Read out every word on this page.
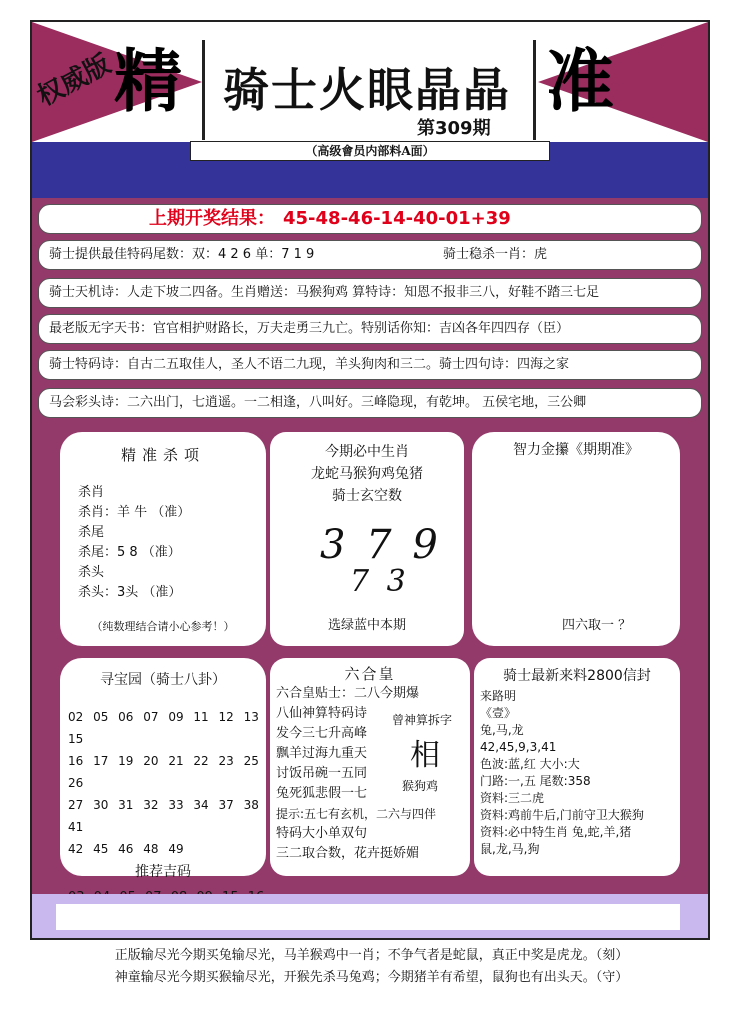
权威版
精	准
骑士火眼晶晶
第309期
（高级會员内部料A面）
上期开奖结果： 45-48-46-14-40-01+39
骑士提供最佳特码尾数：双：4 2 6 单：7 1 9	骑士稳杀一肖：虎
骑士天机诗：人走下坡二四备。生肖赠送：马猴狗鸡 算特诗：知恩不报非三八，好鞋不踏三七足
最老版无字天书：官官相护财路长，万夫走勇三九亡。特别话你知：吉凶各年四四存（臣）
骑士特码诗：自古二五取佳人，圣人不语二九现，羊头狗肉和三二。骑士四句诗：四海之家
马会彩头诗：二六出门，七逍遥。一二相逢，八叫好。三峰隐现，有乾坤。 五侯宅地，三公卿
精准杀项
杀肖
杀肖：羊 牛 （准）
杀尾
杀尾：5 8 （准）
杀头
杀头：3头 （准）
（纯数理结合请小心参考！）
今期必中生肖
龙蛇马猴狗鸡兔猪
骑士玄空数
3 7 9
7 3
选绿蓝中本期
智力金攥《期期准》
四六取一 ？
寻宝园（骑士八卦）
02 05 06 07 09 11 12 13 15
16 17 19 20 21 22 23 25 26
27 30 31 32 33 34 37 38 41
42 45 46 48 49
推荐吉码
六合皇
六合皇贴士：二八今期爆
八仙神算特码诗
发今三七升高峰
飘羊过海九重天
讨饭吊碗一五同
兔死狐悲假一七
提示:五七有玄机，二六与四伴
特码大小单双句
三二取合数，花卉挺娇媚
曾神算拆字
相
猴狗鸡
骑士最新来料2800信封
来路明
《壹》
兔,马,龙
42,45,9,3,41
色波:蓝,红 大小:大
门路:一,五 尾数:358
资料:三二虎
资料:鸡前牛后,门前守卫大猴狗
资料:必中特生肖 兔,蛇,羊,猪
鼠,龙,马,狗
正版输尽光今期买兔输尽光，马羊猴鸡中一肖；不争气者是蛇鼠，真正中奖是虎龙。（刻）
神童输尽光今期买猴输尽光，开猴先杀马兔鸡；今期猪羊有希望，鼠狗也有出头天。（守）
